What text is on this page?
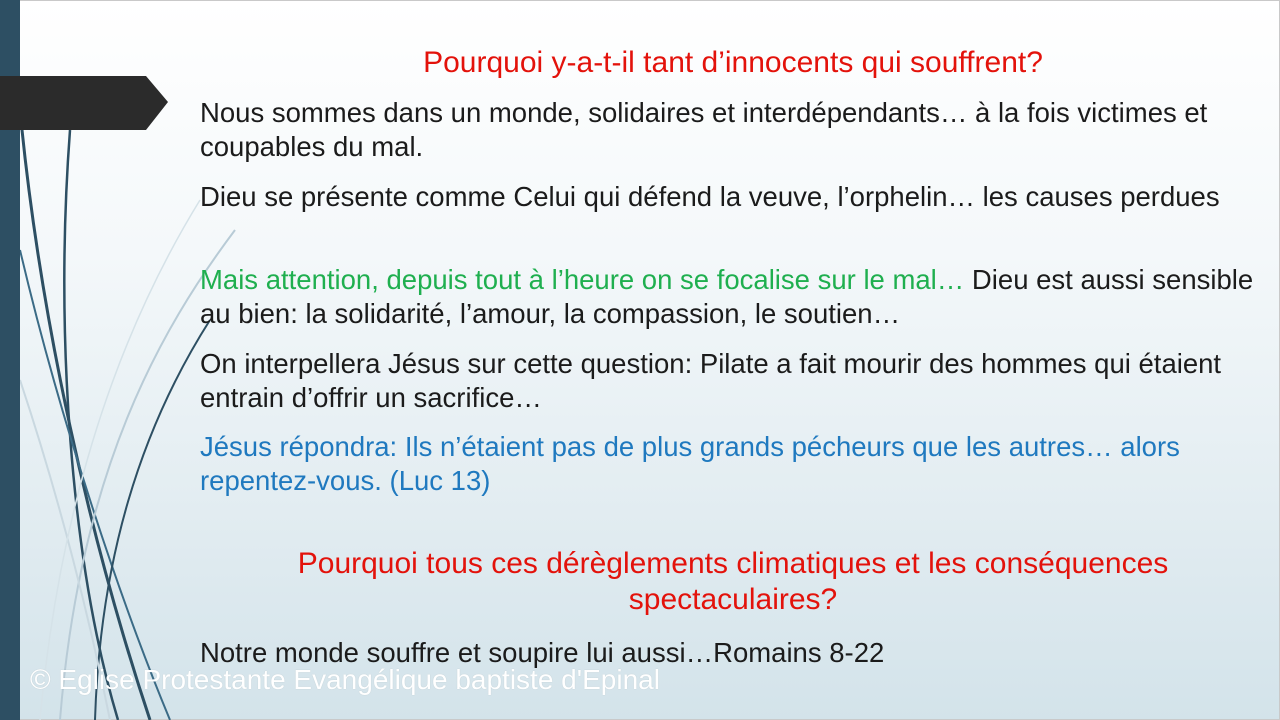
Pourquoi y-a-t-il tant d’innocents qui souffrent?

Nous sommes dans un monde, solidaires et interdépendants… à la fois victimes et coupables du mal.

Dieu se présente comme Celui qui défend la veuve, l’orphelin… les causes perdues

Mais attention, depuis tout à l’heure on se focalise sur le mal… Dieu est aussi sensible au bien: la solidarité, l’amour, la compassion, le soutien…

On interpellera Jésus sur cette question: Pilate a fait mourir des hommes qui étaient entrain d’offrir un sacrifice…

Jésus répondra: Ils n’étaient pas de plus grands pécheurs que les autres… alors repentez-vous. (Luc 13)

Pourquoi tous ces dérèglements climatiques et les conséquences spectaculaires?

Notre monde souffre et soupire lui aussi…Romains 8-22

© Eglise Protestante Evangélique baptiste d'Epinal
